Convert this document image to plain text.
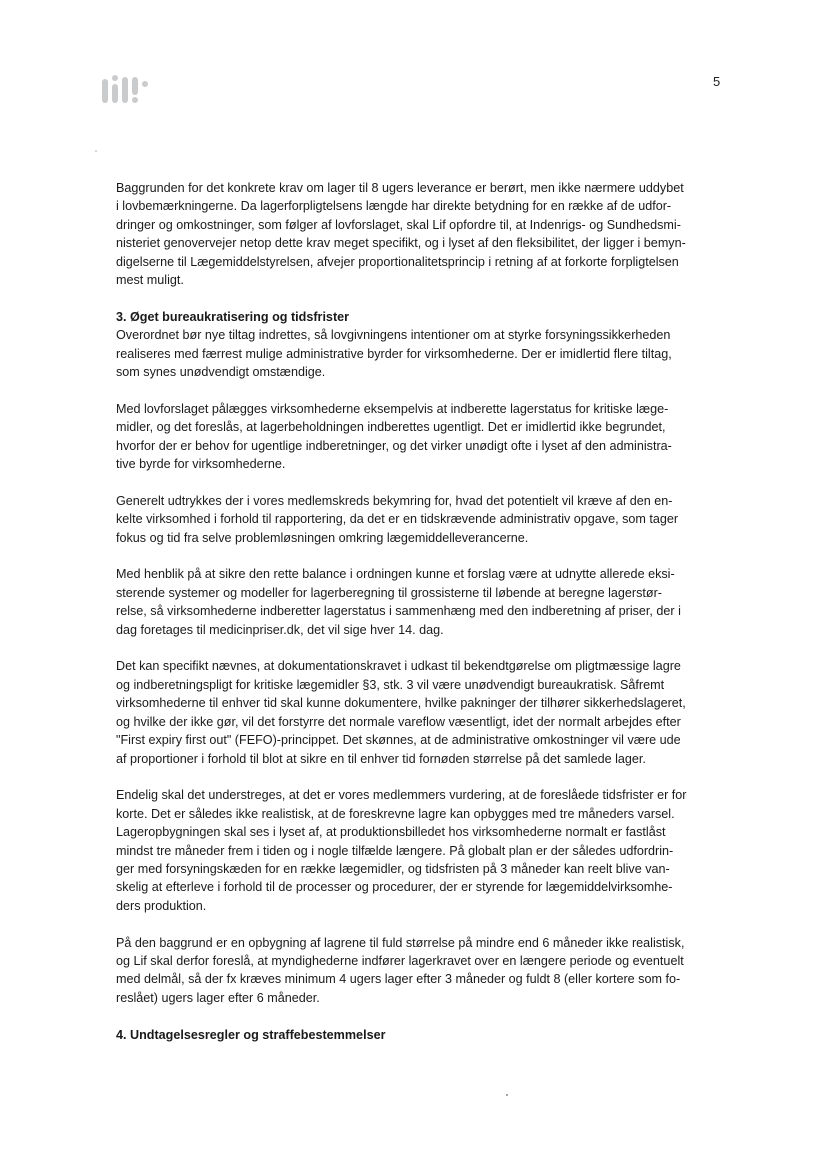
5

Baggrunden for det konkrete krav om lager til 8 ugers leverance er berørt, men ikke nærmere uddybet
i lovbemærkningerne. Da lagerforpligtelsens længde har direkte betydning for en række af de udfor-
dringer og omkostninger, som følger af lovforslaget, skal Lif opfordre til, at Indenrigs- og Sundhedsmi-
nisteriet genovervejer netop dette krav meget specifikt, og i lyset af den fleksibilitet, der ligger i bemyn-
digelserne til Lægemiddelstyrelsen, afvejer proportionalitetsprincip i retning af at forkorte forpligtelsen
mest muligt.

3. Øget bureaukratisering og tidsfrister

Overordnet bør nye tiltag indrettes, så lovgivningens intentioner om at styrke forsyningssikkerheden
realiseres med færrest mulige administrative byrder for virksomhederne. Der er imidlertid flere tiltag,
som synes unødvendigt omstændige.

Med lovforslaget pålægges virksomhederne eksempelvis at indberette lagerstatus for kritiske læge-
midler, og det foreslås, at lagerbeholdningen indberettes ugentligt. Det er imidlertid ikke begrundet,
hvorfor der er behov for ugentlige indberetninger, og det virker unødigt ofte i lyset af den administra-
tive byrde for virksomhederne.

Generelt udtrykkes der i vores medlemskreds bekymring for, hvad det potentielt vil kræve af den en-
kelte virksomhed i forhold til rapportering, da det er en tidskrævende administrativ opgave, som tager
fokus og tid fra selve problemløsningen omkring lægemiddelleverancerne.

Med henblik på at sikre den rette balance i ordningen kunne et forslag være at udnytte allerede eksi-
sterende systemer og modeller for lagerberegning til grossisterne til løbende at beregne lagerstør-
relse, så virksomhederne indberetter lagerstatus i sammenhæng med den indberetning af priser, der i
dag foretages til medicinpriser.dk, det vil sige hver 14. dag.

Det kan specifikt nævnes, at dokumentationskravet i udkast til bekendtgørelse om pligtmæssige lagre
og indberetningspligt for kritiske lægemidler §3, stk. 3 vil være unødvendigt bureaukratisk. Såfremt
virksomhederne til enhver tid skal kunne dokumentere, hvilke pakninger der tilhører sikkerhedslageret,
og hvilke der ikke gør, vil det forstyrre det normale vareflow væsentligt, idet der normalt arbejdes efter
"First expiry first out" (FEFO)-princippet. Det skønnes, at de administrative omkostninger vil være ude
af proportioner i forhold til blot at sikre en til enhver tid fornøden størrelse på det samlede lager.

Endelig skal det understreges, at det er vores medlemmers vurdering, at de foreslåede tidsfrister er for
korte. Det er således ikke realistisk, at de foreskrevne lagre kan opbygges med tre måneders varsel.
Lageropbygningen skal ses i lyset af, at produktionsbilledet hos virksomhederne normalt er fastlåst
mindst tre måneder frem i tiden og i nogle tilfælde længere. På globalt plan er der således udfordrin-
ger med forsyningskæden for en række lægemidler, og tidsfristen på 3 måneder kan reelt blive van-
skelig at efterleve i forhold til de processer og procedurer, der er styrende for lægemiddelvirksomhe-
ders produktion.

På den baggrund er en opbygning af lagrene til fuld størrelse på mindre end 6 måneder ikke realistisk,
og Lif skal derfor foreslå, at myndighederne indfører lagerkravet over en længere periode og eventuelt
med delmål, så der fx kræves minimum 4 ugers lager efter 3 måneder og fuldt 8 (eller kortere som fo-
reslået) ugers lager efter 6 måneder.

4. Undtagelsesregler og straffebestemmelser
